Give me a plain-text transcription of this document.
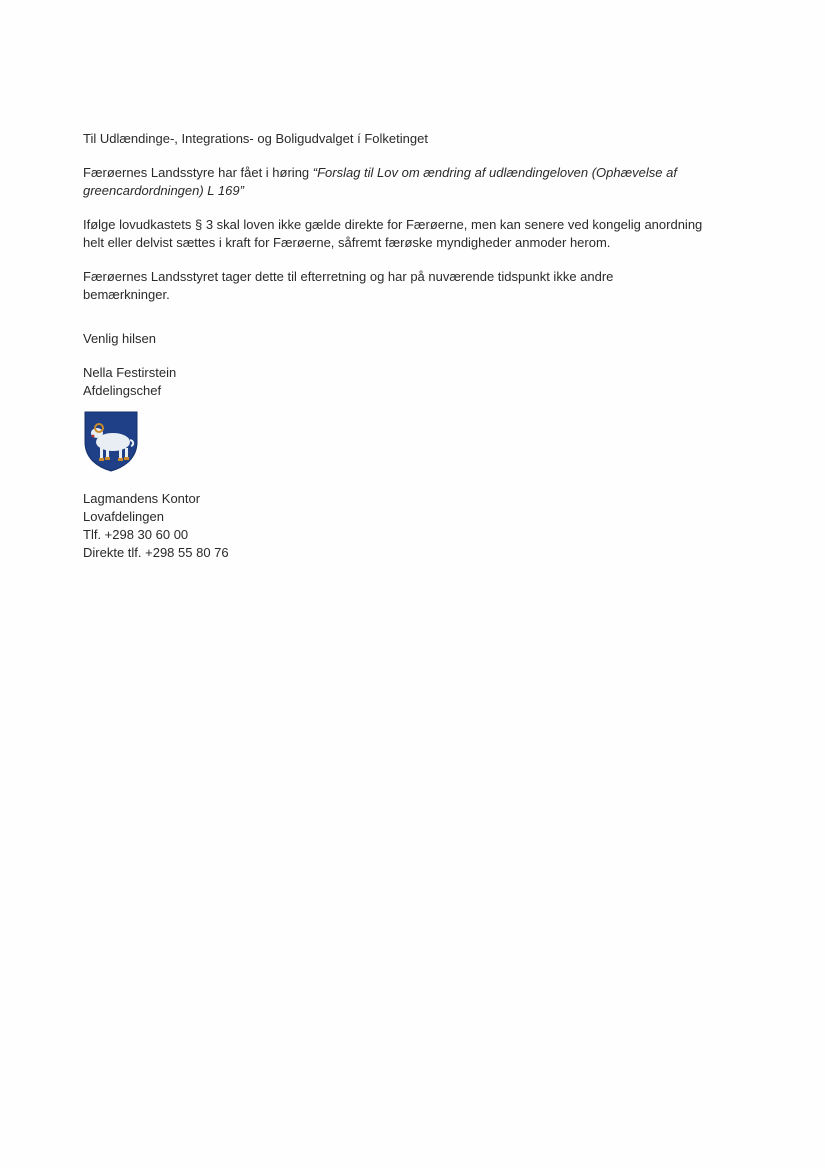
Til Udlændinge-, Integrations- og Boligudvalget í Folketinget
Færøernes Landsstyre har fået i høring “Forslag til Lov om ændring af udlændingeloven (Ophævelse af
greencardordningen) L 169”
Ifølge lovudkastets § 3 skal loven ikke gælde direkte for Færøerne, men kan senere ved kongelig anordning
helt eller delvist sættes i kraft for Færøerne, såfremt færøske myndigheder anmoder herom.
Færøernes Landsstyret tager dette til efterretning og har på nuværende tidspunkt ikke andre
bemærkninger.
Venlig hilsen
Nella Festirstein
Afdelingschef
Lagmandens Kontor
Lovafdelingen
Tlf. +298 30 60 00
Direkte tlf. +298 55 80 76
